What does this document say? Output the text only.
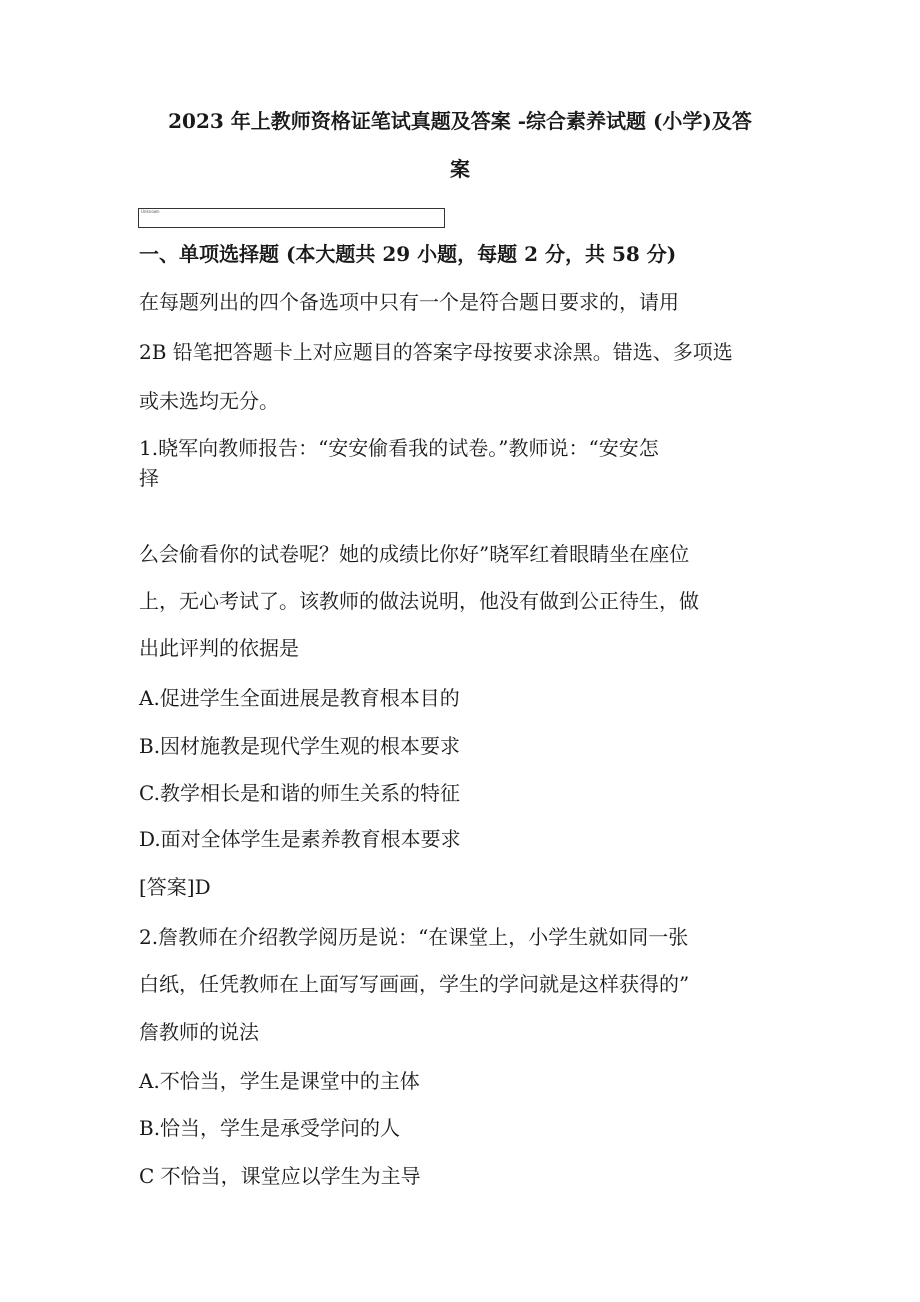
2023 年上教师资格证笔试真题及答案 -综合素养试题 (小学)及答
案
Unknown
一、单项选择题 (本大题共 29 小题，每题 2 分，共 58 分)
在每题列出的四个备选项中只有一个是符合题日要求的，请用
2B 铅笔把答题卡上对应题目的答案字母按要求涂黑。错选、多项选
或未选均无分。
1.晓军向教师报告：“安安偷看我的试卷。”教师说：“安安怎
择
么会偷看你的试卷呢？她的成绩比你好”晓军红着眼睛坐在座位
上，无心考试了。该教师的做法说明，他没有做到公正待生，做
出此评判的依据是
A.促进学生全面进展是教育根本目的
B.因材施教是现代学生观的根本要求
C.教学相长是和谐的师生关系的特征
D.面对全体学生是素养教育根本要求
[答案]D
2.詹教师在介绍教学阅历是说：“在课堂上，小学生就如同一张
白纸，任凭教师在上面写写画画，学生的学问就是这样获得的”
詹教师的说法
A.不恰当，学生是课堂中的主体
B.恰当，学生是承受学问的人
C 不恰当，课堂应以学生为主导
